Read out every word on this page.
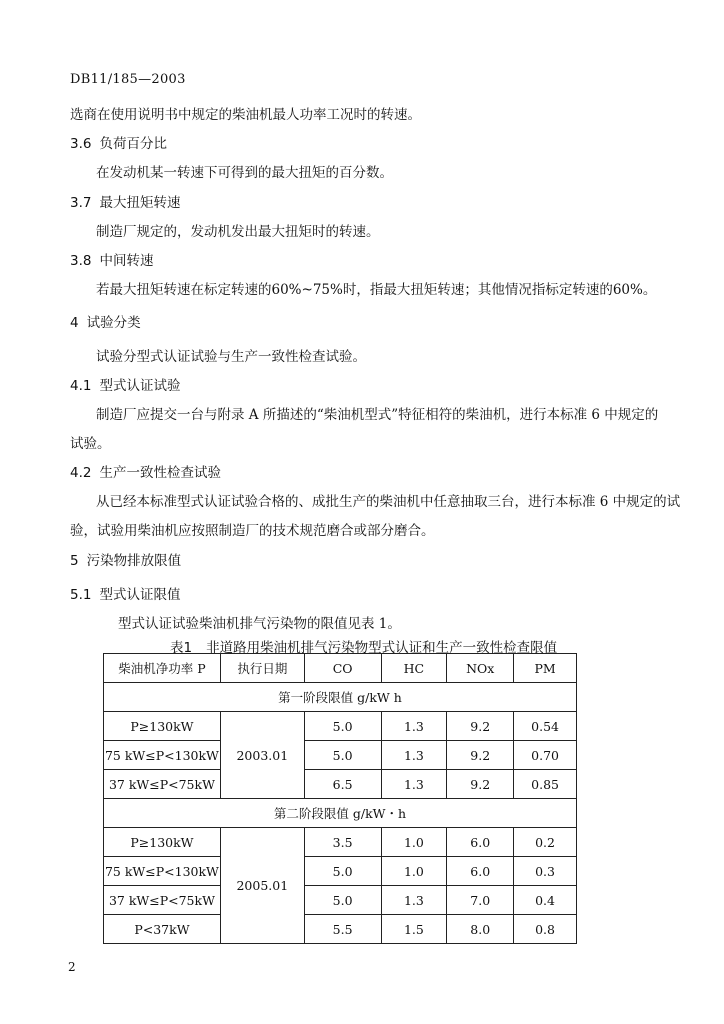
DB11/185—2003
选商在使用说明书中规定的柴油机最人功率工况时的转速。
3.6 负荷百分比
在发动机某一转速下可得到的最大扭矩的百分数。
3.7 最大扭矩转速
制造厂规定的，发动机发出最大扭矩时的转速。
3.8 中间转速
若最大扭矩转速在标定转速的60%~75%时，指最大扭矩转速；其他情况指标定转速的60%。
4 试验分类
试验分型式认证试验与生产一致性检查试验。
4.1 型式认证试验
制造厂应提交一台与附录 A 所描述的“柴油机型式”特征相符的柴油机，进行本标准 6 中规定的
试验。
4.2 生产一致性检查试验
从已经本标准型式认证试验合格的、成批生产的柴油机中任意抽取三台，进行本标准 6 中规定的试
验，试验用柴油机应按照制造厂的技术规范磨合或部分磨合。
5 污染物排放限值
5.1 型式认证限值
型式认证试验柴油机排气污染物的限值见表 1。
表1 非道路用柴油机排气污染物型式认证和生产一致性检查限值
柴油机净功率 P	执行日期	CO	HC	NOx	PM
第一阶段限值 g/kW h					
P≥130kW	2003.01	5.0	1.3	9.2	0.54
75 kW≤P<130kW		5.0	1.3	9.2	0.70
37 kW≤P<75kW		6.5	1.3	9.2	0.85
第二阶段限值 g/kW・h					
P≥130kW	2005.01	3.5	1.0	6.0	0.2
75 kW≤P<130kW		5.0	1.0	6.0	0.3
37 kW≤P<75kW		5.0	1.3	7.0	0.4
P<37kW		5.5	1.5	8.0	0.8
2
